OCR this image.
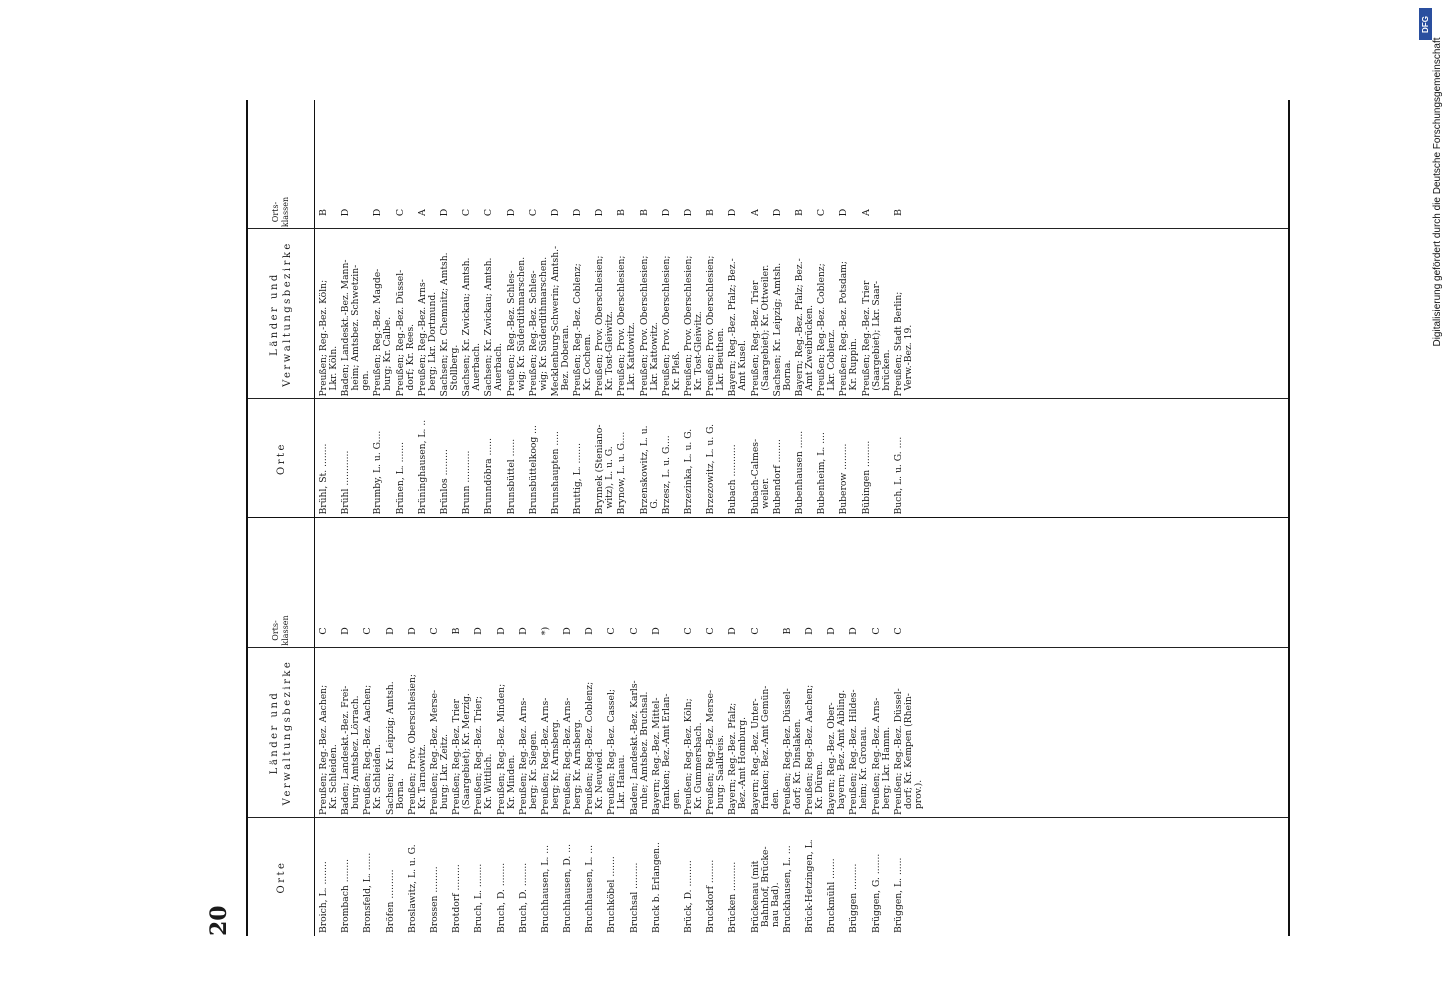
20
Orte
Länder und Verwaltungsbezirke
Orts-
klassen
Broich, L. ........
Preußen; Reg.-Bez. Aachen;
Kr. Schleiden.
C
Brombach ........
Baden; Landeskt.-Bez. Frei-
burg; Amtsbez. Lörrach.
D
Bronsfeld, L. ......
Preußen; Reg.-Bez. Aachen;
Kr. Schleiden.
C
Bröfen ..........
Sachsen; Kr. Leipzig; Amtsh.
Borna.
D
Broslawitz, L. u. G.
Preußen; Prov. Oberschlesien;
Kr. Tarnowitz.
D
Brossen .........
Preußen; Reg.-Bez. Merse-
burg; Lkr. Zeitz.
C
Brotdorf .........
Preußen; Reg.-Bez. Trier
(Saargebiet); Kr. Merzig.
B
Bruch, L. ........
Preußen; Reg.-Bez. Trier;
Kr. Wittlich.
D
Bruch, D. ........
Preußen; Reg.-Bez. Minden;
Kr. Minden.
D
Bruch, D. ........
Preußen; Reg.-Bez. Arns-
berg; Kr. Siegen.
D
Bruchhausen, L. ...
Preußen; Reg.-Bez. Arns-
berg; Kr. Arnsberg.
*)
Bruchhausen, D. ...
Preußen; Reg.-Bez. Arns-
berg; Kr. Arnsberg.
D
Bruchhausen, L. ...
Preußen; Reg.-Bez. Coblenz;
Kr. Neuwied.
D
Bruchköbel .......
Preußen; Reg.-Bez. Cassel;
Lkr. Hanau.
C
Bruchsal .........
Baden; Landeskt.-Bez. Karls-
ruhe; Amtsbez. Bruchsal.
C
Bruck b. Erlangen..
Bayern; Reg.-Bez. Mittel-
franken; Bez.-Amt Erlan-
gen.
D
Brück, D. .........
Preußen; Reg.-Bez. Köln;
Kr. Gummersbach.
C
Bruckdorf ........
Preußen; Reg.-Bez. Merse-
burg; Saalkreis.
C
Brücken ..........
Bayern; Reg.-Bez. Pfalz;
Bez.-Amt Homburg.
D
Brückenau (mit
Bahnhof, Brücke-
nau Bad).
Bayern; Reg.-Bez. Unter-
franken; Bez.-Amt Gemün-
den.
C
Bruckhausen, L. ...
Preußen; Reg.-Bez. Düssel-
dorf; Kr. Dinslaken.
B
Brück-Hetzingen, L.
Preußen; Reg.-Bez. Aachen;
Kr. Düren.
D
Bruckmühl .......
Bayern; Reg.-Bez. Ober-
bayern; Bez.-Amt Aibling.
D
Brüggen .........
Preußen; Reg.-Bez. Hildes-
heim; Kr. Gronau.
D
Brüggen, G. .......
Preußen; Reg.-Bez. Arns-
berg; Lkr. Hamm.
C
Brüggen, L. ......
Preußen; Reg.-Bez. Düssel-
dorf; Kr. Kempen (Rhein-
prov.).
C
Orte
Länder und Verwaltungsbezirke
Orts-
klassen
Brühl, St. ........
Preußen; Reg.-Bez. Köln;
Lkr. Köln.
B
Brühl ............
Baden; Landeskt.-Bez. Mann-
heim; Amtsbez. Schwetzin-
gen.
D
Brumby, L. u. G....
Preußen; Reg.-Bez. Magde-
burg; Kr. Calbe.
D
Brünen, L. .......
Preußen; Reg.-Bez. Düssel-
dorf; Kr. Rees.
C
Brüninghausen, L. ..
Preußen; Reg.-Bez. Arns-
berg; Lkr. Dortmund.
A
Brünlos .........
Sachsen; Kr. Chemnitz; Amtsh.
Stollberg.
D
Brunn ...........
Sachsen; Kr. Zwickau; Amtsh.
Auerbach.
C
Brunndöbra ......
Sachsen; Kr. Zwickau; Amtsh.
Auerbach.
C
Brunsbüttel ......
Preußen; Reg.-Bez. Schles-
wig; Kr. Süderdithmarschen.
D
Brunsbüttelkoog ...
Preußen; Reg.-Bez. Schles-
wig; Kr. Süderdithmarschen.
C
Brunshaupten .....
Mecklenburg-Schwerin; Amtsh.-
Bez. Doberan.
D
Bruttig, L. .......
Preußen; Reg.-Bez. Coblenz;
Kr. Cochem.
D
Brynnek (Steniano-
witz), L. u. G.
Preußen; Prov. Oberschlesien;
Kr. Tost-Gleiwitz.
D
Brynow, L. u. G....
Preußen; Prov. Oberschlesien;
Lkr. Kattowitz.
B
Brzenskowitz, L. u.
G.
Preußen; Prov. Oberschlesien;
Lkr. Kattowitz.
B
Brzesz, L. u. G....
Preußen; Prov. Oberschlesien;
Kr. Pleß.
D
Brzezinka, L. u. G.
Preußen; Prov. Oberschlesien;
Kr. Tost-Gleiwitz.
D
Brzezowitz, L. u. G.
Preußen; Prov. Oberschlesien;
Lkr. Beuthen.
B
Bubach ...........
Bayern; Reg.-Bez. Pfalz; Bez.-
Amt Kusel.
D
Bubach-Calmes-
weiler.
Preußen; Reg.-Bez. Trier
(Saargebiet); Kr. Ottweiler.
A
Bubendorf ........
Sachsen; Kr. Leipzig; Amtsh.
Borna.
D
Bubenhausen ......
Bayern; Reg.-Bez. Pfalz; Bez.-
Amt Zweibrücken.
B
Bubenheim, L. ....
Preußen; Reg.-Bez. Coblenz;
Lkr. Coblenz.
C
Buberow .........
Preußen; Reg.-Bez. Potsdam;
Kr. Ruppin.
D
Bübingen .........
Preußen; Reg.-Bez. Trier
(Saargebiet); Lkr. Saar-
brücken.
A
Buch, L. u. G. ....
Preußen; Stadt Berlin;
Verw.-Bez. 19.
B	Digitalisierung gefördert durch die Deutsche Forschungsgemeinschaft
DFG
